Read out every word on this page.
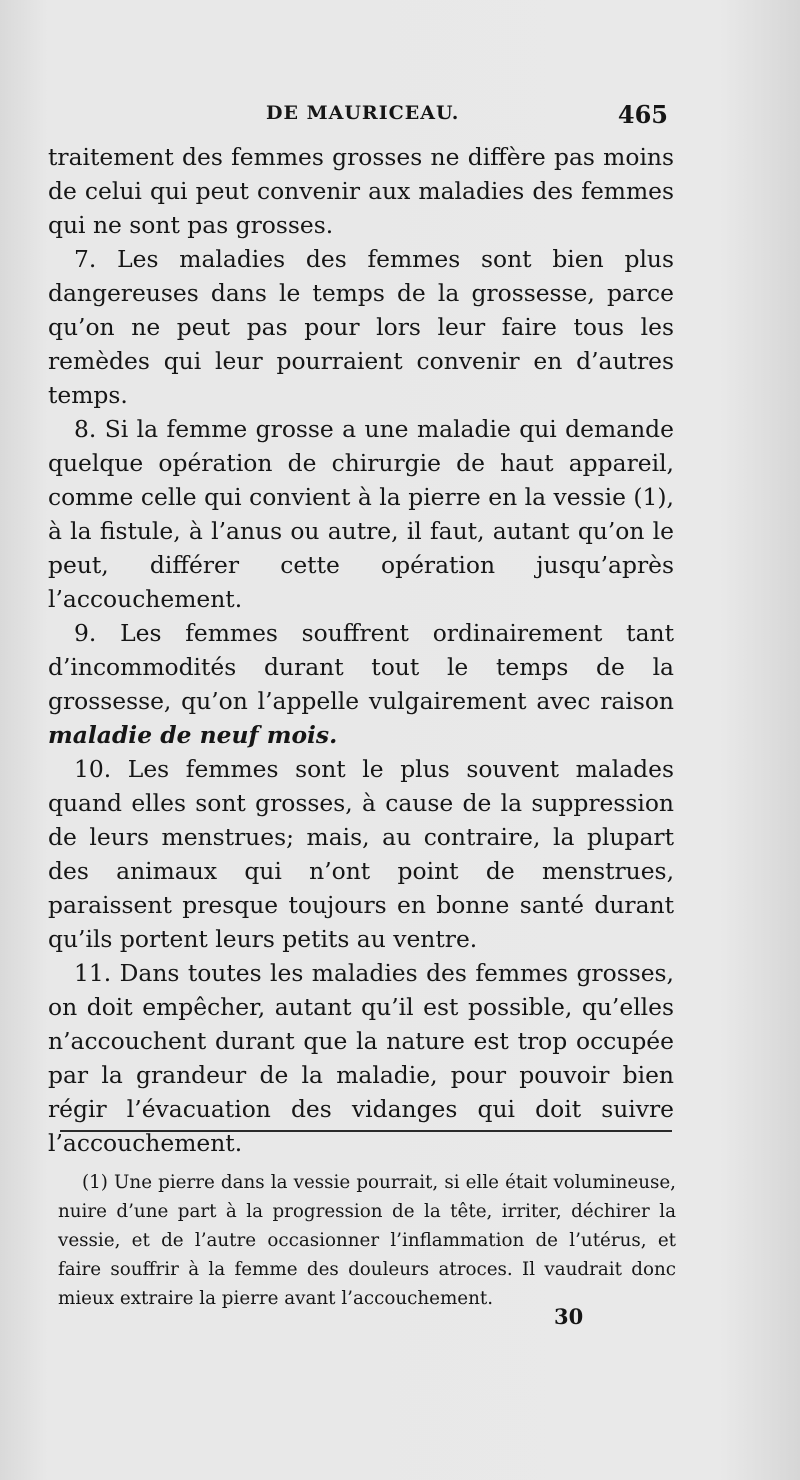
DE MAURICEAU.	465

traitement des femmes grosses ne diffère pas moins de celui qui peut convenir aux maladies des femmes qui ne sont pas grosses.

7. Les maladies des femmes sont bien plus dangereuses dans le temps de la grossesse, parce qu’on ne peut pas pour lors leur faire tous les remèdes qui leur pourraient convenir en d’autres temps.

8. Si la femme grosse a une maladie qui demande quelque opération de chirurgie de haut appareil, comme celle qui convient à la pierre en la vessie (1), à la fistule, à l’anus ou autre, il faut, autant qu’on le peut, différer cette opération jusqu’après l’accouchement.

9. Les femmes souffrent ordinairement tant d’incommodités durant tout le temps de la grossesse, qu’on l’appelle vulgairement avec raison maladie de neuf mois.

10. Les femmes sont le plus souvent malades quand elles sont grosses, à cause de la suppression de leurs menstrues; mais, au contraire, la plupart des animaux qui n’ont point de menstrues, paraissent presque toujours en bonne santé durant qu’ils portent leurs petits au ventre.

11. Dans toutes les maladies des femmes grosses, on doit empêcher, autant qu’il est possible, qu’elles n’accouchent durant que la nature est trop occupée par la grandeur de la maladie, pour pouvoir bien régir l’évacuation des vidanges qui doit suivre l’accouchement.

(1) Une pierre dans la vessie pourrait, si elle était volumineuse, nuire d’une part à la progression de la tête, irriter, déchirer la vessie, et de l’autre occasionner l’inflammation de l’utérus, et faire souffrir à la femme des douleurs atroces. Il vaudrait donc mieux extraire la pierre avant l’accouchement.

30
